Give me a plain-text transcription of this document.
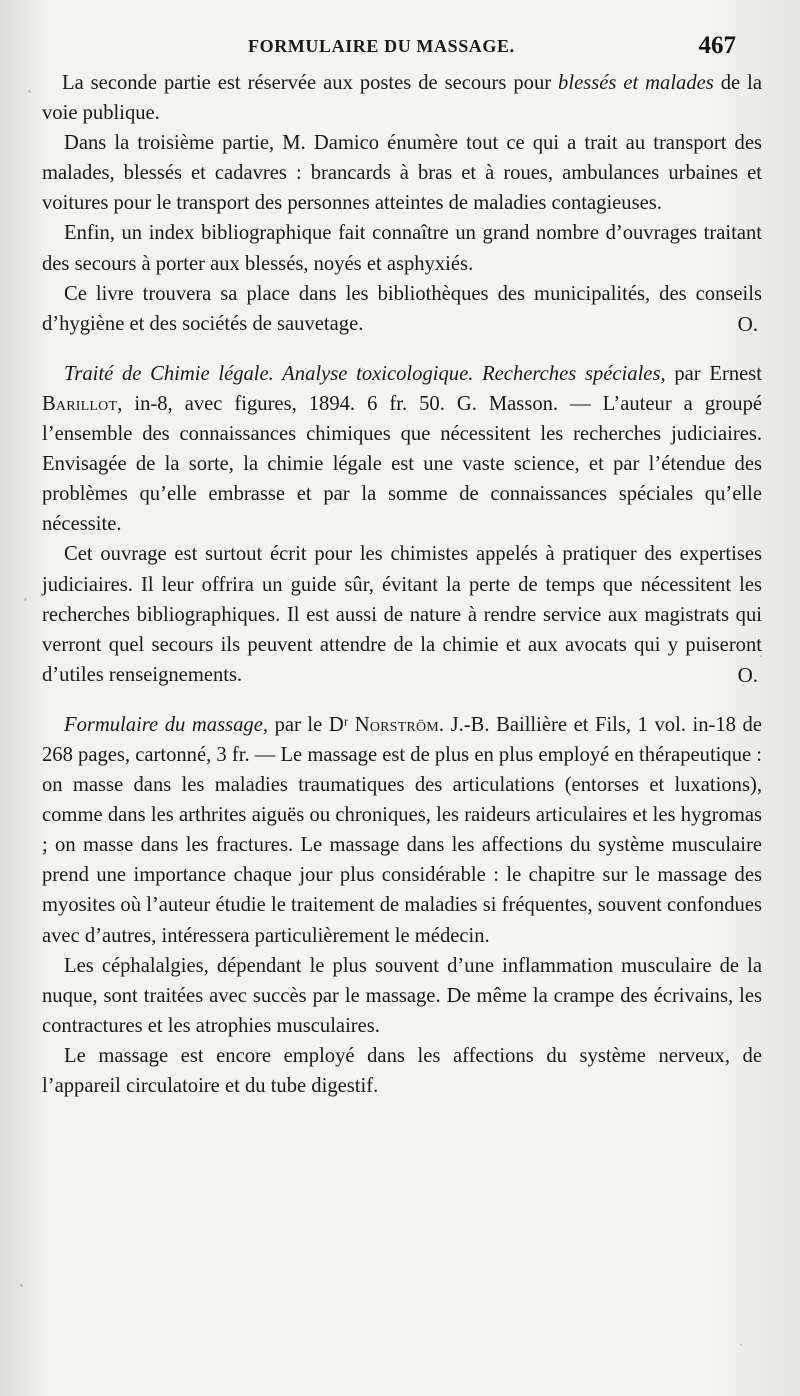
FORMULAIRE DU MASSAGE.	467

La seconde partie est réservée aux postes de secours pour blessés et malades de la voie publique.

Dans la troisième partie, M. Damico énumère tout ce qui a trait au transport des malades, blessés et cadavres : brancards à bras et à roues, ambulances urbaines et voitures pour le transport des personnes atteintes de maladies contagieuses.

Enfin, un index bibliographique fait connaître un grand nombre d’ouvrages traitant des secours à porter aux blessés, noyés et asphyxiés.

Ce livre trouvera sa place dans les bibliothèques des municipalités, des conseils d’hygiène et des sociétés de sauvetage.	O.

Traité de Chimie légale. Analyse toxicologique. Recherches spéciales, par Ernest Barillot, in-8, avec figures, 1894. 6 fr. 50. G. Masson. — L’auteur a groupé l’ensemble des connaissances chimiques que nécessitent les recherches judiciaires. Envisagée de la sorte, la chimie légale est une vaste science, et par l’étendue des problèmes qu’elle embrasse et par la somme de connaissances spéciales qu’elle nécessite.

Cet ouvrage est surtout écrit pour les chimistes appelés à pratiquer des expertises judiciaires. Il leur offrira un guide sûr, évitant la perte de temps que nécessitent les recherches bibliographiques. Il est aussi de nature à rendre service aux magistrats qui verront quel secours ils peuvent attendre de la chimie et aux avocats qui y puiseront d’utiles renseignements.	O.

Formulaire du massage, par le Dʳ Norström. J.-B. Baillière et Fils, 1 vol. in-18 de 268 pages, cartonné, 3 fr. — Le massage est de plus en plus employé en thérapeutique : on masse dans les maladies traumatiques des articulations (entorses et luxations), comme dans les arthrites aiguës ou chroniques, les raideurs articulaires et les hygromas ; on masse dans les fractures. Le massage dans les affections du système musculaire prend une importance chaque jour plus considérable : le chapitre sur le massage des myosites où l’auteur étudie le traitement de maladies si fréquentes, souvent confondues avec d’autres, intéressera particulièrement le médecin.

Les céphalalgies, dépendant le plus souvent d’une inflammation musculaire de la nuque, sont traitées avec succès par le massage. De même la crampe des écrivains, les contractures et les atrophies musculaires.

Le massage est encore employé dans les affections du système nerveux, de l’appareil circulatoire et du tube digestif.
